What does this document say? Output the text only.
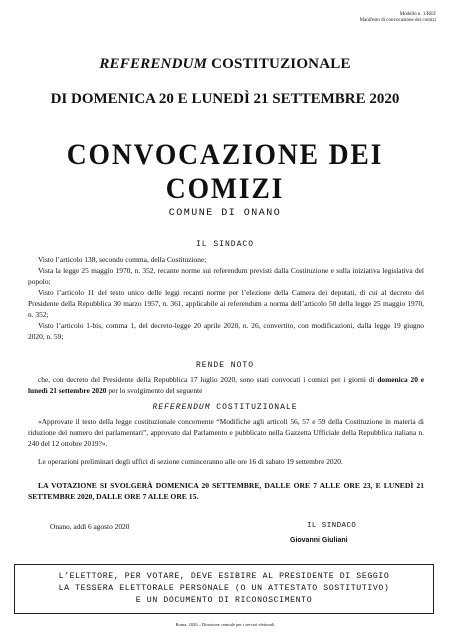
Modello n. 1/REF
Manifesto di convocazione dei comizi
REFERENDUM COSTITUZIONALE
DI DOMENICA 20 E LUNEDÌ 21 SETTEMBRE 2020
CONVOCAZIONE DEI COMIZI
COMUNE DI ONANO
IL SINDACO

Visto l’articolo 138, secondo comma, della Costituzione;

Vista la legge 25 maggio 1970, n. 352, recante norme sui referendum previsti dalla Costituzione e sulla iniziativa legislativa del popolo;

Visto l’articolo 11 del testo unico delle leggi recanti norme per l’elezione della Camera dei deputati, di cui al decreto del Presidente della Repubblica 30 marzo 1957, n. 361, applicabile ai referendum a norma dell’articolo 50 della legge 25 maggio 1970, n. 352;

Visto l’articolo 1-bis, comma 1, del decreto-legge 20 aprile 2020, n. 26, convertito, con modificazioni, dalla legge 19 giugno 2020, n. 59;

RENDE NOTO

che, con decreto del Presidente della Repubblica 17 luglio 2020, sono stati convocati i comizi per i giorni di domenica 20 e lunedì 21 settembre 2020 per lo svolgimento del seguente

REFERENDUM COSTITUZIONALE

«Approvate il testo della legge costituzionale concernente “Modifiche agli articoli 56, 57 e 59 della Costituzione in materia di riduzione del numero dei parlamentari”, approvato dal Parlamento e pubblicato nella Gazzetta Ufficiale della Repubblica italiana n. 240 del 12 ottobre 2019?».

Le operazioni preliminari degli uffici di sezione cominceranno alle ore 16 di sabato 19 settembre 2020.

LA VOTAZIONE SI SVOLGERÀ DOMENICA 20 SETTEMBRE, DALLE ORE 7 ALLE ORE 23, E LUNEDÌ 21 SETTEMBRE 2020, DALLE ORE 7 ALLE ORE 15.

Onano, addì 6 agosto 2020	IL SINDACO
Giovanni Giuliani
L’ELETTORE, PER VOTARE, DEVE ESIBIRE AL PRESIDENTE DI SEGGIO
LA TESSERA ELETTORALE PERSONALE (O UN ATTESTATO SOSTITUTIVO)
E UN DOCUMENTO DI RICONOSCIMENTO
Roma, 2020 – Direzione centrale per i servizi elettorali
